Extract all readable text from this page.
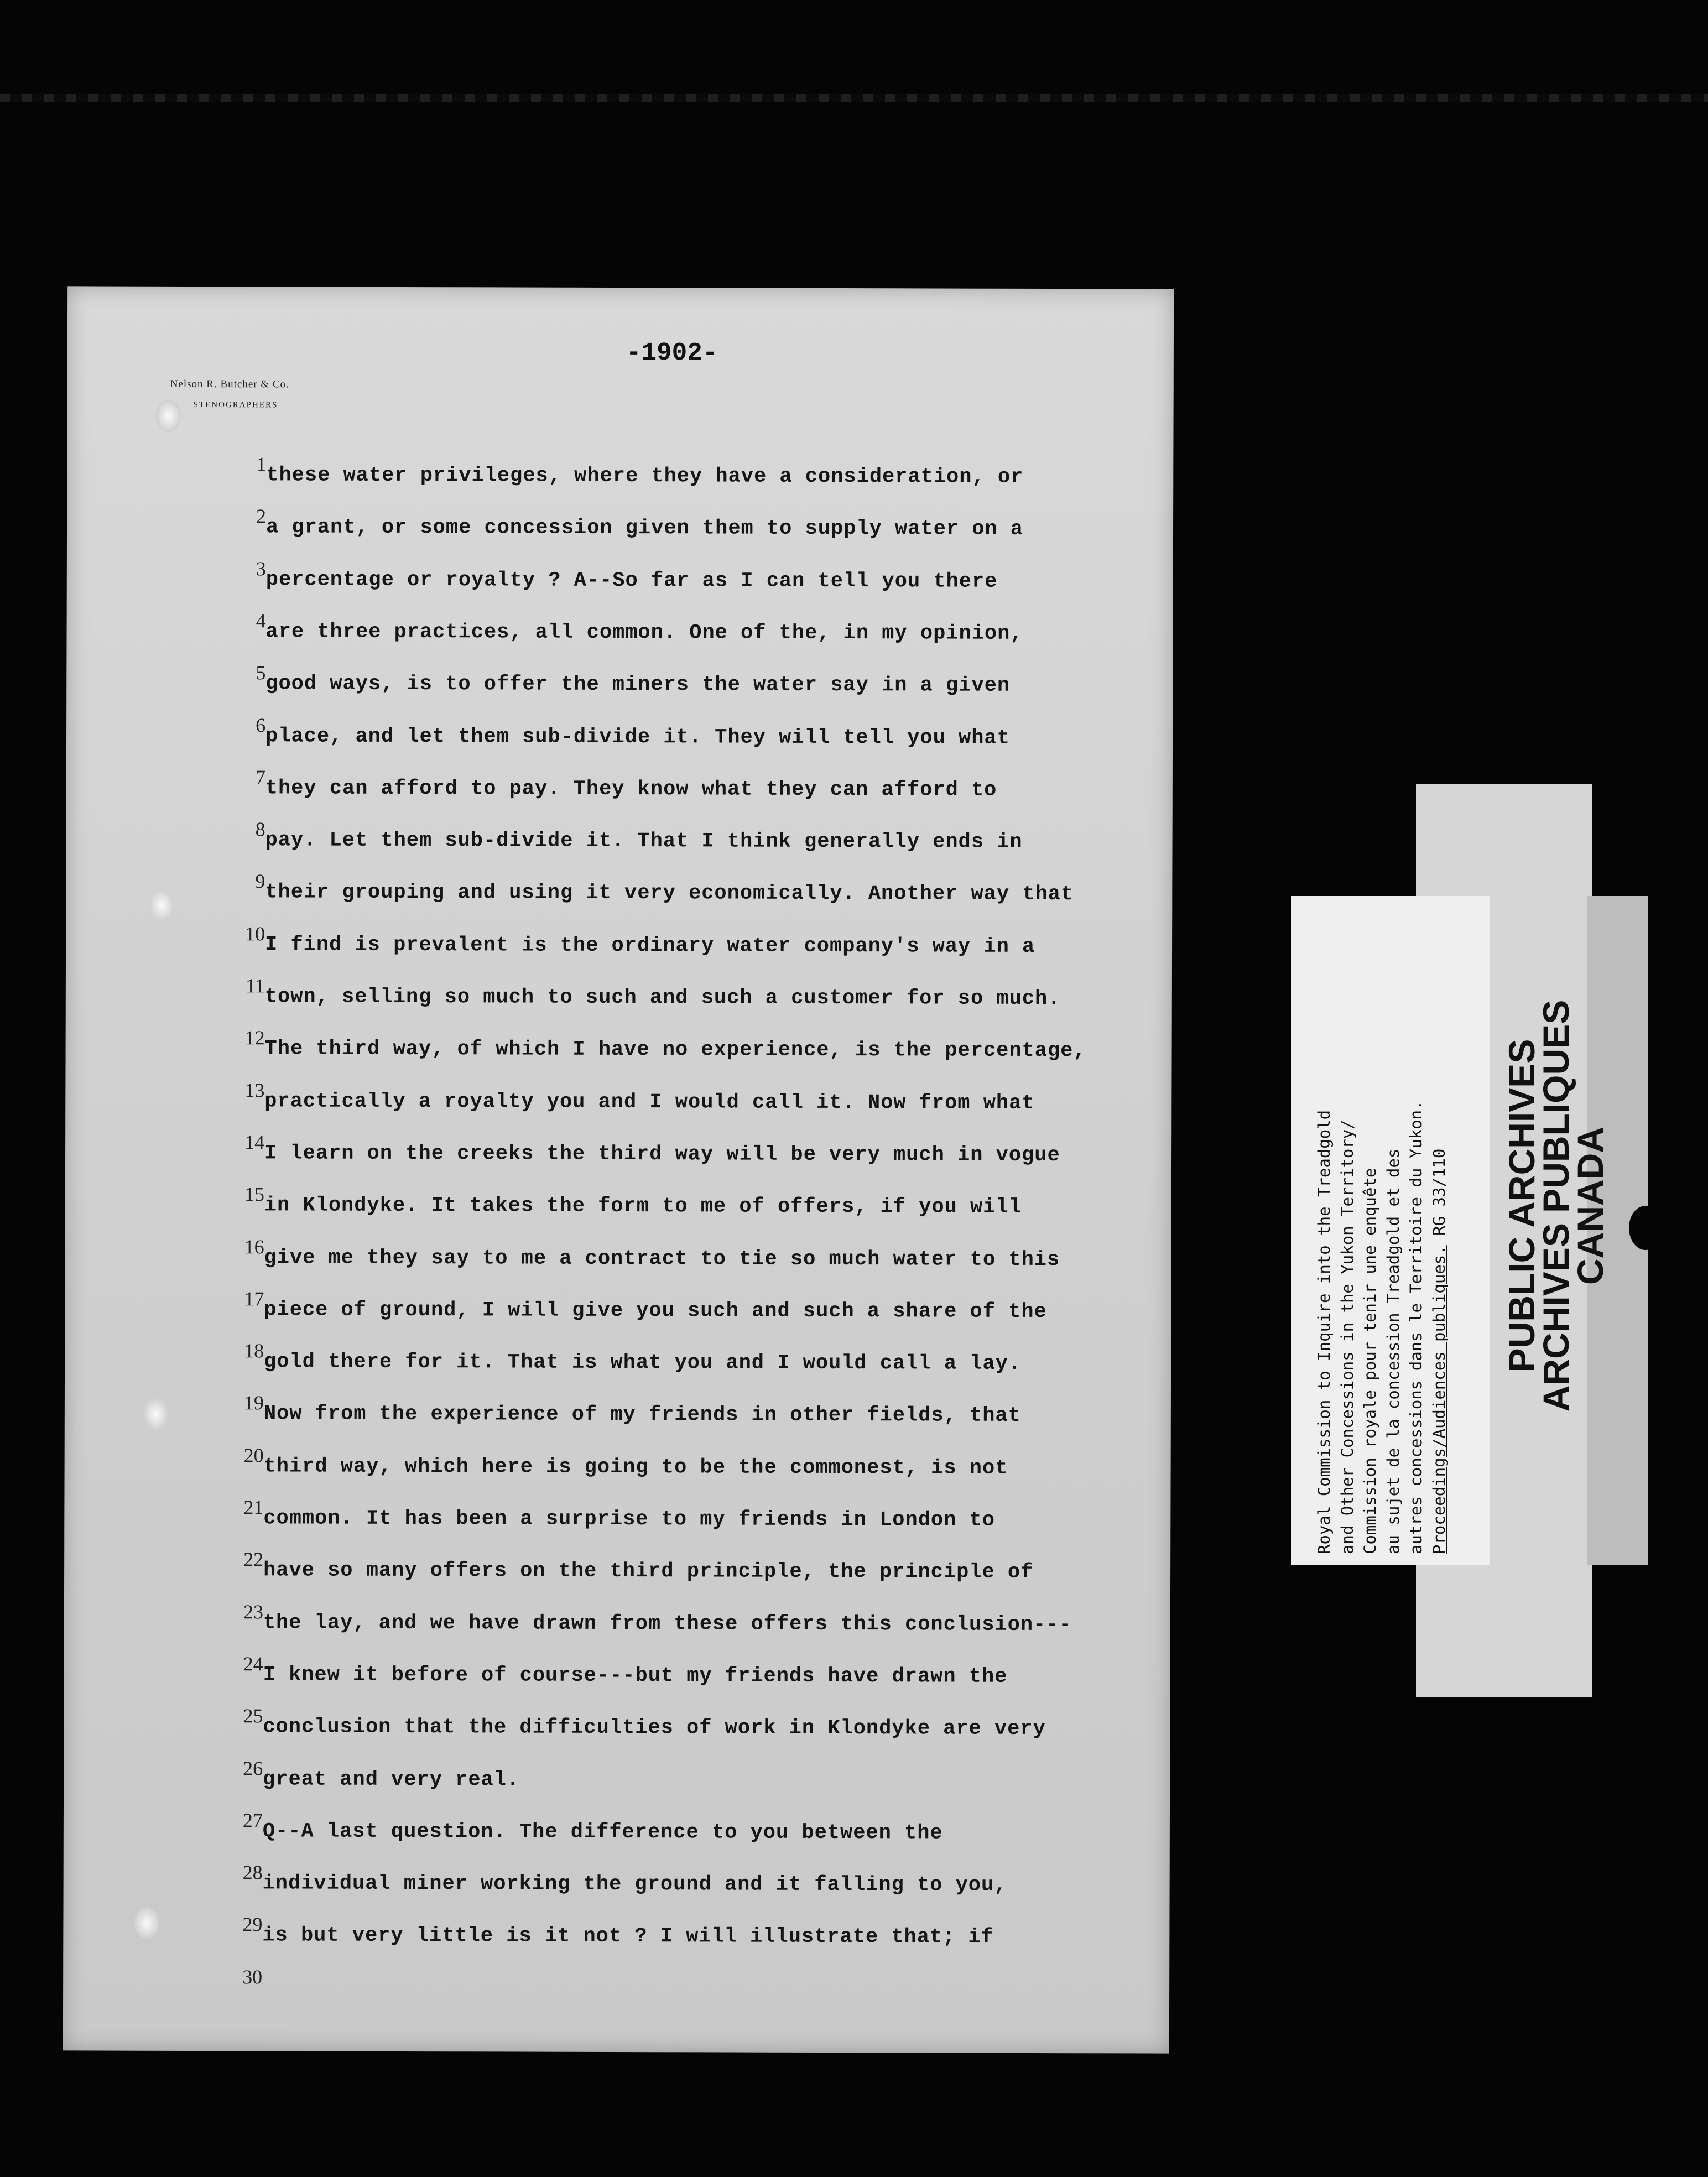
-1902-
Nelson R. Butcher & Co.
STENOGRAPHERS
1 these water privileges, where they have a consideration, or
2 a grant, or some concession given them to supply water on a
3 percentage or royalty ? A--So far as I can tell you there
4 are three practices, all common. One of the, in my opinion,
5 good ways, is to offer the miners the water say in a given
6 place, and let them sub-divide it. They will tell you what
7 they can afford to pay. They know what they can afford to
8 pay. Let them sub-divide it. That I think generally ends in
9 their grouping and using it very economically. Another way that
10 I find is prevalent is the ordinary water company's way in a
11 town, selling so much to such and such a customer for so much.
12 The third way, of which I have no experience, is the percentage,
13 practically a royalty you and I would call it. Now from what
14 I learn on the creeks the third way will be very much in vogue
15 in Klondyke. It takes the form to me of offers, if you will
16 give me they say to me a contract to tie so much water to this
17 piece of ground, I will give you such and such a share of the
18 gold there for it. That is what you and I would call a lay.
19 Now from the experience of my friends in other fields, that
20 third way, which here is going to be the commonest, is not
21 common. It has been a surprise to my friends in London to
22 have so many offers on the third principle, the principle of
23 the lay, and we have drawn from these offers this conclusion---
24 I knew it before of course---but my friends have drawn the
25 conclusion that the difficulties of work in Klondyke are very
26 great and very real.
27 Q--A last question. The difference to you between the
28 individual miner working the ground and it falling to you,
29 is but very little is it not ? I will illustrate that; if
30
Royal Commission to Inquire into the Treadgold and Other Concessions in the Yukon Territory/ Commission royale pour tenir une enquête au sujet de la concession Treadgold et des autres concessions dans le Territoire du Yukon. Proceedings/Audiences publiques. RG 33/110 PUBLIC ARCHIVES
ARCHIVES PUBLIQUES
CANADA
